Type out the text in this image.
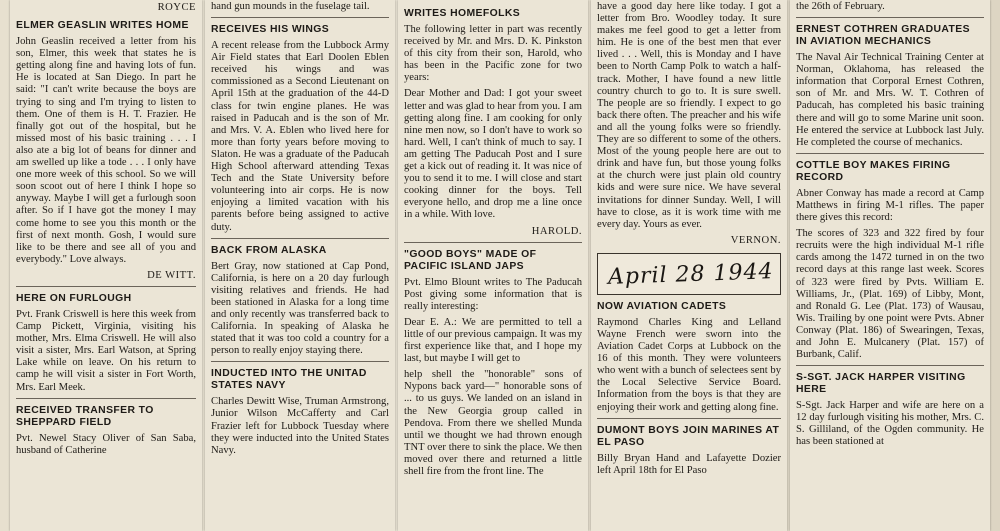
ROYCE

ELMER GEASLIN WRITES HOME

John Geaslin received a letter from his son, Elmer, this week that states he is getting along fine and having lots of fun. He is located at San Diego. In part he said: "I can't write because the boys are trying to sing and I'm trying to listen to them. One of them is H. T. Frazier. He finally got out of the hospital, but he missed most of his basic training . . . I also ate a big lot of beans for dinner and am swelled up like a tode . . . I only have one more week of this school. So we will soon scoot out of here I think I hope so anyway. Maybe I will get a furlough soon after. So if I have got the money I may come home to see you this month or the first of next month. Gosh, I would sure like to be there and see all of you and everybody." Love always.

DE WITT.

HERE ON FURLOUGH

Pvt. Frank Criswell is here this week from Camp Pickett, Virginia, visiting his mother, Mrs. Elma Criswell. He will also visit a sister, Mrs. Earl Watson, at Spring Lake while on leave. On his return to camp he will visit a sister in Fort Worth, Mrs. Earl Meek.

RECEIVED TRANSFER TO SHEPPARD FIELD

Pvt. Newel Stacy Oliver of San Saba, husband of Catherine

hand gun mounds in the fuselage tail.

RECEIVES HIS WINGS

A recent release from the Lubbock Army Air Field states that Earl Doolen Eblen received his wings and was commissioned as a Second Lieutenant on April 15th at the graduation of the 44-D class for twin engine planes. He was raised in Paducah and is the son of Mr. and Mrs. V. A. Eblen who lived here for more than forty years before moving to Slaton. He was a graduate of the Paducah High School afterward attending Texas Tech and the State University before volunteering into air corps. He is now enjoying a limited vacation with his parents before being assigned to active duty.

BACK FROM ALASKA

Bert Gray, now stationed at Cap Pond, California, is here on a 20 day furlough visiting relatives and friends. He had been stationed in Alaska for a long time and only recently was transferred back to California. In speaking of Alaska he stated that it was too cold a country for a person to really enjoy staying there.

INDUCTED INTO THE UNITAD STATES NAVY

Charles Dewitt Wise, Truman Armstrong, Junior Wilson McCafferty and Carl Frazier left for Lubbock Tuesday where they were inducted into the United States Navy.

WRITES HOMEFOLKS

The following letter in part was recently received by Mr. and Mrs. D. K. Pinkston of this city from their son, Harold, who has been in the Pacific zone for two years:

Dear Mother and Dad: I got your sweet letter and was glad to hear from you. I am getting along fine. I am cooking for only nine men now, so I don't have to work so hard. Well, I can't think of much to say. I am getting The Paducah Post and I sure get a kick out of reading it. It was nice of you to send it to me. I will close and start cooking dinner for the boys. Tell everyone hello, and drop me a line once in a while. With love.

HAROLD.

"GOOD BOYS" MADE OF PACIFIC ISLAND JAPS

Pvt. Elmo Blount writes to The Paducah Post giving some information that is really interesting:

Dear E. A.: We are permitted to tell a little of our previous campaign. It was my first experience like that, and I hope my last, but maybe I will get to

help shell the "honorable" sons of Nypons back yard—" honorable sons of ... to us guys. We landed on an island in the New Georgia group called in Pendova. From there we shelled Munda until we thought we had thrown enough TNT over there to sink the place. We then moved over there and returned a little shell fire from the front line. The

have a good day here like today. I got a letter from Bro. Woodley today. It sure makes me feel good to get a letter from him. He is one of the best men that ever lived . . . Well, this is Monday and I have been to North Camp Polk to watch a half-track. Mother, I have found a new little country church to go to. It is sure swell. The people are so friendly. I expect to go back there often. The preacher and his wife and all the young folks were so friendly. They are so different to some of the others. Most of the young people here are out to drink and have fun, but those young folks at the church were just plain old country kids and were sure nice. We have several invitations for dinner Sunday. Well, I will have to close, as it is work time with me every day. Yours as ever.

VERNON.

April 28 1944
NOW AVIATION CADETS

Raymond Charles King and Lelland Wayne French were sworn into the Aviation Cadet Corps at Lubbock on the 16 of this month. They were volunteers who went with a bunch of selectees sent by the Local Selective Service Board. Information from the boys is that they are enjoying their work and getting along fine.

DUMONT BOYS JOIN MARINES AT EL PASO

Billy Bryan Hand and Lafayette Dozier left April 18th for El Paso

the 26th of February.

ERNEST COTHREN GRADUATES IN AVIATION MECHANICS

The Naval Air Technical Training Center at Norman, Oklahoma, has released the information that Corporal Ernest Cothren, son of Mr. and Mrs. W. T. Cothren of Paducah, has completed his basic training there and will go to some Marine unit soon. He entered the service at Lubbock last July. He completed the course of mechanics.

COTTLE BOY MAKES FIRING RECORD

Abner Conway has made a record at Camp Matthews in firing M-1 rifles. The paper there gives this record:

The scores of 323 and 322 fired by four recruits were the high individual M-1 rifle cards among the 1472 turned in on the two record days at this range last week. Scores of 323 were fired by Pvts. William E. Williams, Jr., (Plat. 169) of Libby, Mont, and Ronald G. Lee (Plat. 173) of Wausau, Wis. Trailing by one point were Pvts. Abner Conway (Plat. 186) of Swearingen, Texas, and John E. Mulcanery (Plat. 157) of Burbank, Calif.

S-SGT. JACK HARPER VISITING HERE

S-Sgt. Jack Harper and wife are here on a 12 day furlough visiting his mother, Mrs. C. S. Gilliland, of the Ogden community. He has been stationed at
